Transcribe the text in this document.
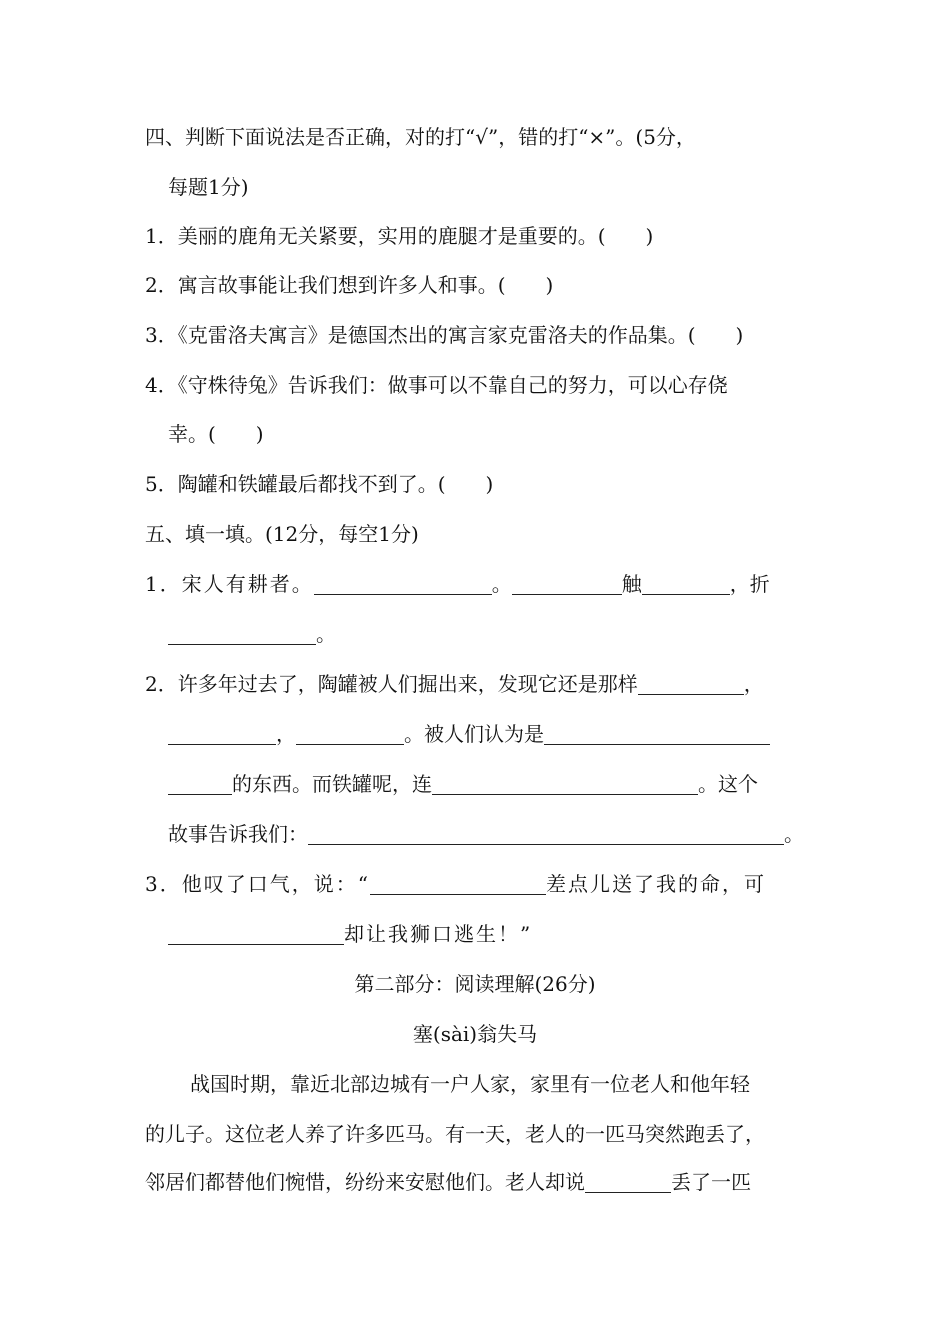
四、判断下面说法是否正确，对的打“√”，错的打“×”。(5分，
每题1分)
1．美丽的鹿角无关紧要，实用的鹿腿才是重要的。(　　)
2．寓言故事能让我们想到许多人和事。(　　)
3．《克雷洛夫寓言》是德国杰出的寓言家克雷洛夫的作品集。(　　)
4．《守株待兔》告诉我们：做事可以不靠自己的努力，可以心存侥
幸。(　　)
5．陶罐和铁罐最后都找不到了。(　　)
五、填一填。(12分，每空1分)
1．宋人有耕者。	。	触	，折
。
2．许多年过去了，陶罐被人们掘出来，发现它还是那样	，
，	。被人们认为是
的东西。而铁罐呢，连	。这个
故事告诉我们：	。
3．他叹了口气，说：“	差点儿送了我的命，可
却让我狮口逃生！”
第二部分：阅读理解(26分)
塞(sài)翁失马
战国时期，靠近北部边城有一户人家，家里有一位老人和他年轻
的儿子。这位老人养了许多匹马。有一天，老人的一匹马突然跑丢了，
邻居们都替他们惋惜，纷纷来安慰他们。老人却说	丢了一匹
